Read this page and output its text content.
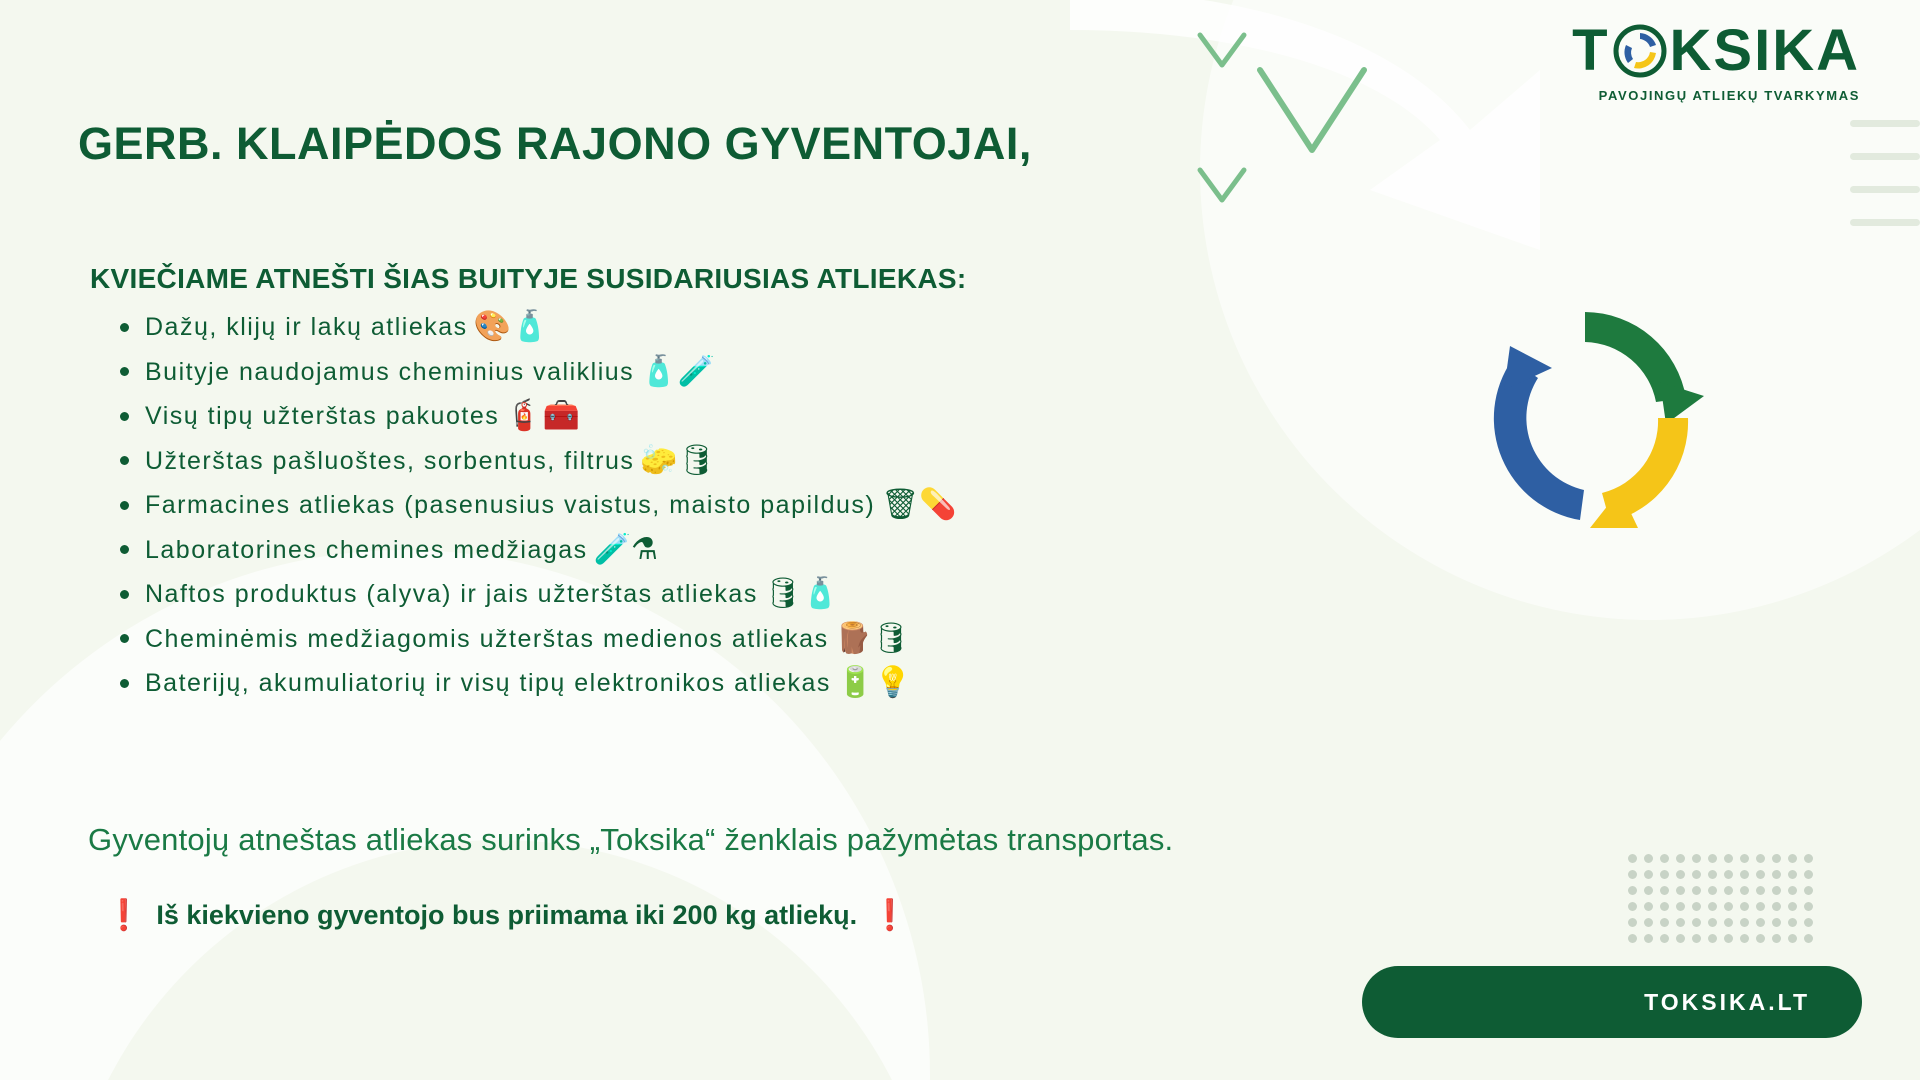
T KSIKA
PAVOJINGŲ ATLIEKŲ TVARKYMAS
GERB. KLAIPĖDOS RAJONO GYVENTOJAI,
KVIEČIAME ATNEŠTI ŠIAS BUITYJE SUSIDARIUSIAS ATLIEKAS:
Dažų, klijų ir lakų atliekas 🎨🧴
Buityje naudojamus cheminius valiklius 🧴🧪
Visų tipų užterštas pakuotes 🧯🧰
Užterštas pašluoštes, sorbentus, filtrus 🧽🛢
Farmacines atliekas (pasenusius vaistus, maisto papildus) 🗑💊
Laboratorines chemines medžiagas 🧪⚗
Naftos produktus (alyva) ir jais užterštas atliekas 🛢🧴
Cheminėmis medžiagomis užterštas medienos atliekas 🪵🛢
Baterijų, akumuliatorių ir visų tipų elektronikos atliekas 🔋💡
Gyventojų atneštas atliekas surinks „Toksika“ ženklais pažymėtas transportas.
❗ Iš kiekvieno gyventojo bus priimama iki 200 kg atliekų. ❗
TOKSIKA.LT
